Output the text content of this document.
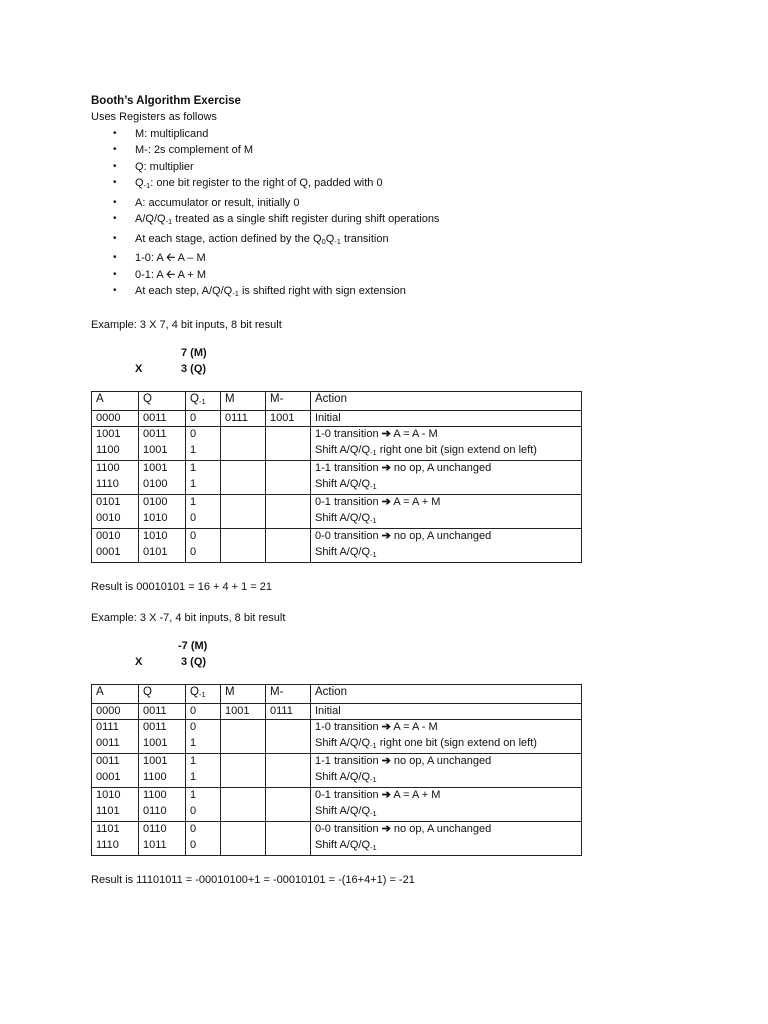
Booth’s Algorithm Exercise
Uses Registers as follows
• M: multiplicand
• M-: 2s complement of M
• Q: multiplier
• $Q_{-1}$: one bit register to the right of Q, padded with 0
• A: accumulator or result, initially 0
• $A/Q/Q_{-1}$ treated as a single shift register during shift operations
• At each stage, action defined by the $Q_0Q_{-1}$ transition
• 1-0: A 🡠 A – M
• 0-1: A 🡠 A + M
• At each step, $A/Q/Q_{-1}$ is shifted right with sign extension
Example: 3 X 7, 4 bit inputs, 8 bit result
7 (M)
X	3 (Q)
A	Q	$Q_{-1}$	M	M-	Action
0000	0011	0	0111	1001	Initial
1001	0011	0			1-0 transition ➔ A = A - M
1100	1001	1			Shift $A/Q/Q_{-1}$ right one bit (sign extend on left)
1100	1001	1			1-1 transition ➔ no op, A unchanged
1110	0100	1			Shift $A/Q/Q_{-1}$
0101	0100	1			0-1 transition ➔ A = A + M
0010	1010	0			Shift $A/Q/Q_{-1}$
0010	1010	0			0-0 transition ➔ no op, A unchanged
0001	0101	0			Shift $A/Q/Q_{-1}$
Result is 00010101 = 16 + 4 + 1 = 21
Example: 3 X -7, 4 bit inputs, 8 bit result
-7 (M)
X	3 (Q)
A	Q	$Q_{-1}$	M	M-	Action
0000	0011	0	1001	0111	Initial
0111	0011	0			1-0 transition ➔ A = A - M
0011	1001	1			Shift $A/Q/Q_{-1}$ right one bit (sign extend on left)
0011	1001	1			1-1 transition ➔ no op, A unchanged
0001	1100	1			Shift $A/Q/Q_{-1}$
1010	1100	1			0-1 transition ➔ A = A + M
1101	0110	0			Shift $A/Q/Q_{-1}$
1101	0110	0			0-0 transition ➔ no op, A unchanged
1110	1011	0			Shift $A/Q/Q_{-1}$
Result is 11101011 = -00010100+1 = -00010101 = -(16+4+1) = -21
